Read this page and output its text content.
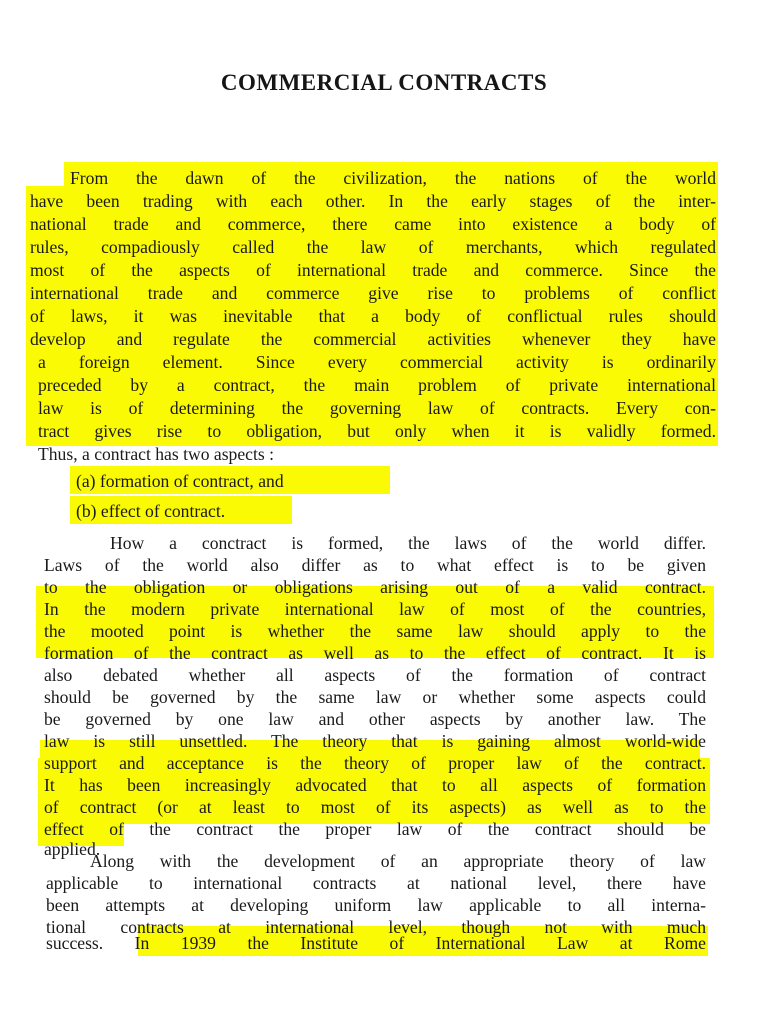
COMMERCIAL CONTRACTS

From the dawn of the civilization, the nations of the world

have been trading with each other. In the early stages of the inter-

national trade and commerce, there came into existence a body of

rules, compadiously called the law of merchants, which regulated

most of the aspects of international trade and commerce. Since the

international trade and commerce give rise to problems of conflict

of laws, it was inevitable that a body of conflictual rules should

develop and regulate the commercial activities whenever they have

a foreign element. Since every commercial activity is ordinarily

preceded by a contract, the main problem of private international

law is of determining the governing law of contracts. Every con-

tract gives rise to obligation, but only when it is validly formed.

Thus, a contract has two aspects :

(a) formation of contract, and

(b) effect of contract.

How a conctract is formed, the laws of the world differ.

Laws of the world also differ as to what effect is to be given

to the obligation or obligations arising out of a valid contract.

In the modern private international law of most of the countries,

the mooted point is whether the same law should apply to the

formation of the contract as well as to the effect of contract. It is

also debated whether all aspects of the formation of contract

should be governed by the same law or whether some aspects could

be governed by one law and other aspects by another law. The

law is still unsettled. The theory that is gaining almost world-wide

support and acceptance is the theory of proper law of the contract.

It has been increasingly advocated that to all aspects of formation

of contract (or at least to most of its aspects) as well as to the

effect of the contract the proper law of the contract should be

applied.

Along with the development of an appropriate theory of law

applicable to international contracts at national level, there have

been attempts at developing uniform law applicable to all interna-

tional contracts at international level, though not with much

success. In 1939 the Institute of International Law at Rome
